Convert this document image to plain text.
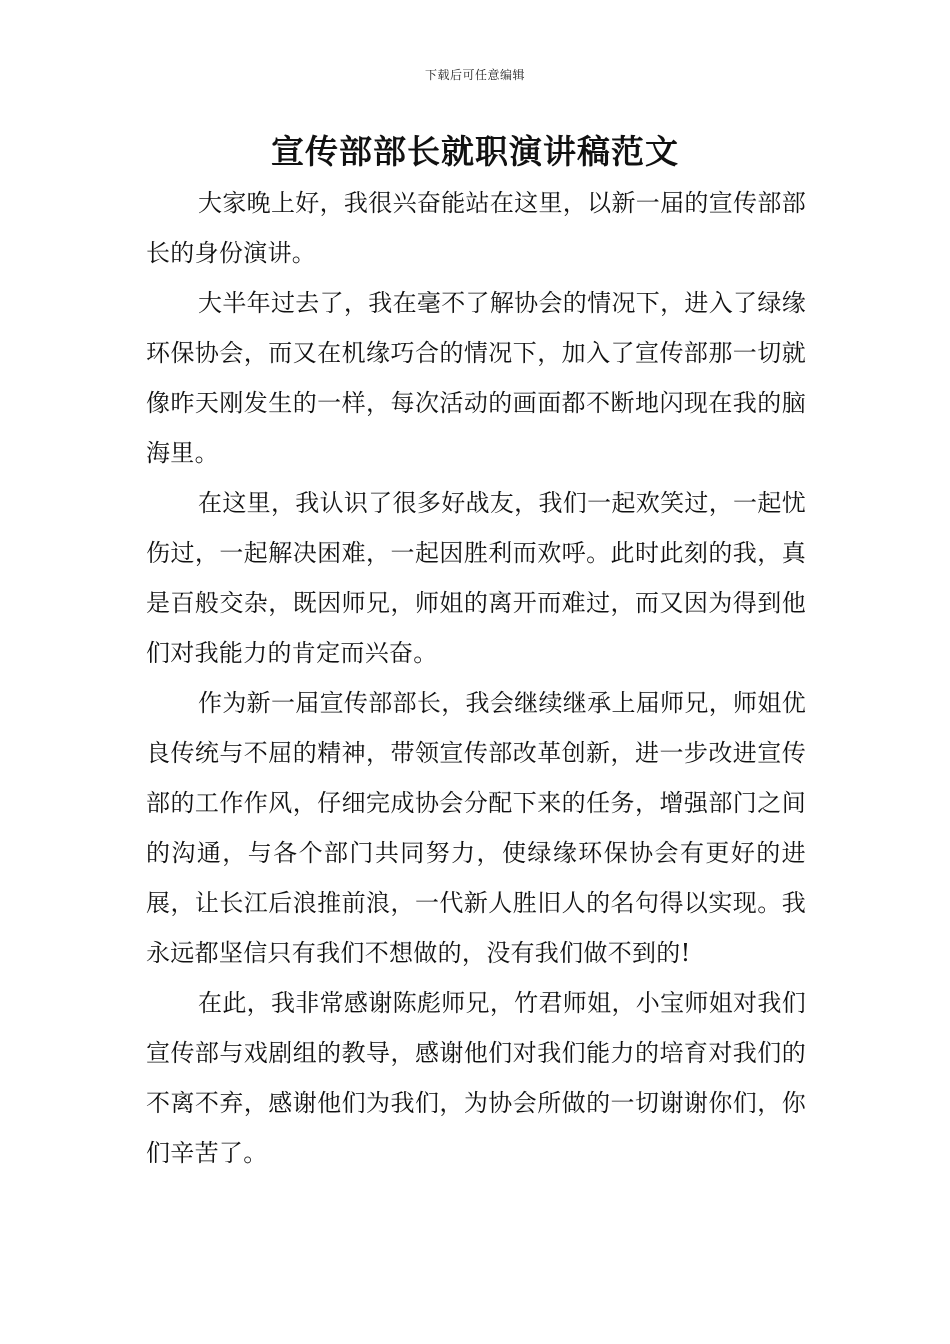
下载后可任意编辑
宣传部部长就职演讲稿范文

大家晚上好，我很兴奋能站在这里，以新一届的宣传部部长的身份演讲。

大半年过去了，我在毫不了解协会的情况下，进入了绿缘环保协会，而又在机缘巧合的情况下，加入了宣传部那一切就像昨天刚发生的一样，每次活动的画面都不断地闪现在我的脑海里。

在这里，我认识了很多好战友，我们一起欢笑过，一起忧伤过，一起解决困难，一起因胜利而欢呼。此时此刻的我，真是百般交杂，既因师兄，师姐的离开而难过，而又因为得到他们对我能力的肯定而兴奋。

作为新一届宣传部部长，我会继续继承上届师兄，师姐优良传统与不屈的精神，带领宣传部改革创新，进一步改进宣传部的工作作风，仔细完成协会分配下来的任务，增强部门之间的沟通，与各个部门共同努力，使绿缘环保协会有更好的进展，让长江后浪推前浪，一代新人胜旧人的名句得以实现。我永远都坚信只有我们不想做的，没有我们做不到的!

在此，我非常感谢陈彪师兄，竹君师姐，小宝师姐对我们宣传部与戏剧组的教导，感谢他们对我们能力的培育对我们的不离不弃，感谢他们为我们，为协会所做的一切谢谢你们，你们辛苦了。
